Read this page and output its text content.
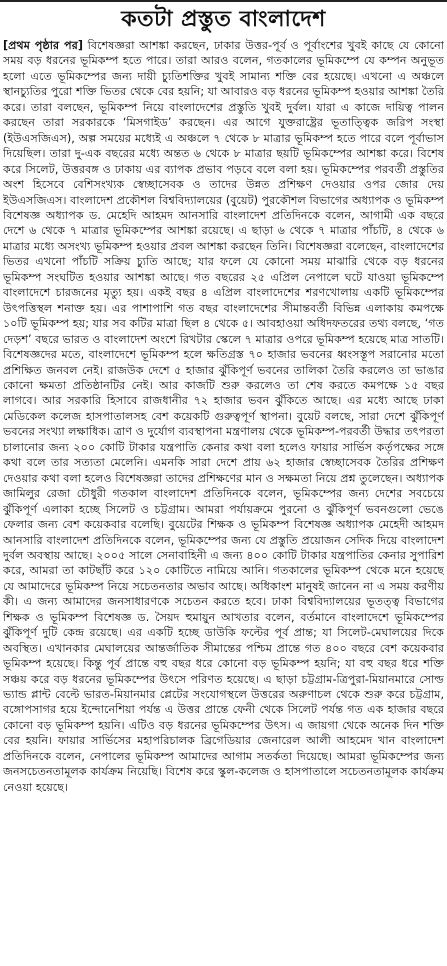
কতটা প্রস্তুত বাংলাদেশ

[প্রথম পৃষ্ঠার পর] বিশেষজ্ঞরা আশঙ্কা করছেন, ঢাকার উত্তর-পূর্ব ও পূর্বাংশের খুবই কাছে যে কোনো সময় বড় ধরনের ভূমিকম্প হতে পারে। তারা আরও বলেন, গতকালের ভূমিকম্পে যে কম্পন অনুভূত হলো এতে ভূমিকম্পের জন্য দায়ী চ্যুতিশক্তির খুবই সামান্য শক্তি বের হয়েছে। এখনো এ অঞ্চলে স্থানচ্যুতির পুরো শক্তি ভিতর থেকে বের হয়নি; যা আবারও বড় ধরনের ভূমিকম্প হওয়ার আশঙ্কা তৈরি করে। তারা বলছেন, ভূমিকম্প নিয়ে বাংলাদেশের প্রস্তুতি খুবই দুর্বল। যারা এ কাজে দায়িত্ব পালন করছেন তারা সরকারকে ‘মিসগাইড’ করছেন। এর আগে যুক্তরাষ্ট্রের ভূতাত্ত্বিক জরিপ সংস্থা (ইউএসজিএস), অল্প সময়ের মধ্যেই এ অঞ্চলে ৭ থেকে ৮ মাত্রার ভূমিকম্প হতে পারে বলে পূর্বাভাস দিয়েছিল। তারা দু-এক বছরের মধ্যে অন্তত ৬ থেকে ৮ মাত্রার ছয়টি ভূমিকম্পের আশঙ্কা করে। বিশেষ করে সিলেট, উত্তরবঙ্গ ও ঢাকায় এর ব্যাপক প্রভাব পড়বে বলে বলা হয়। ভূমিকম্পের পরবর্তী প্রস্তুতির অংশ হিসেবে বেশিসংখ্যক স্বেচ্ছাসেবক ও তাদের উন্নত প্রশিক্ষণ দেওয়ার ওপর জোর দেয় ইউএসজিএস। বাংলাদেশ প্রকৌশল বিশ্ববিদ্যালয়ের (বুয়েট) পুরকৌশল বিভাগের অধ্যাপক ও ভূমিকম্প বিশেষজ্ঞ অধ্যাপক ড. মেহেদি আহমদ আনসারি বাংলাদেশ প্রতিদিনকে বলেন, আগামী এক বছরে দেশে ৬ থেকে ৭ মাত্রার ভূমিকম্পের আশঙ্কা রয়েছে। এ ছাড়া ৬ থেকে ৭ মাত্রার পাঁচটি, ৪ থেকে ৬ মাত্রার মধ্যে অসংখ্য ভূমিকম্প হওয়ার প্রবল আশঙ্কা করছেন তিনি। বিশেষজ্ঞরা বলেছেন, বাংলাদেশের ভিতর এখনো পাঁচটি সক্রিয় চ্যুতি আছে; যার ফলে যে কোনো সময় মাঝারি থেকে বড় ধরনের ভূমিকম্প সংঘটিত হওয়ার আশঙ্কা আছে। গত বছরের ২৫ এপ্রিল নেপালে ঘটে যাওয়া ভূমিকম্পে বাংলাদেশে চারজনের মৃত্যু হয়। একই বছর ৪ এপ্রিল বাংলাদেশের শরণখোলায় একটি ভূমিকম্পের উৎপত্তিস্থল শনাক্ত হয়। এর পাশাপাশি গত বছর বাংলাদেশের সীমান্তবর্তী বিভিন্ন এলাকায় কমপক্ষে ১০টি ভূমিকম্প হয়; যার সব কটির মাত্রা ছিল ৪ থেকে ৫। আবহাওয়া অধিদফতরের তথ্য বলছে, ‘গত দেড়শ’ বছরে ভারত ও বাংলাদেশ অংশে রিখটার স্কেলে ৭ মাত্রার ওপরে ভূমিকম্প হয়েছে মাত্র সাতটি। বিশেষজ্ঞদের মতে, বাংলাদেশে ভূমিকম্প হলে ক্ষতিগ্রস্ত ৭০ হাজার ভবনের ধ্বংসস্তূপ সরানোর মতো প্রশিক্ষিত জনবল নেই। রাজউক দেশে ৫ হাজার ঝুঁকিপূর্ণ ভবনের তালিকা তৈরি করলেও তা ভাঙার কোনো ক্ষমতা প্রতিষ্ঠানটির নেই। আর কাজটি শুরু করলেও তা শেষ করতে কমপক্ষে ১৫ বছর লাগবে। আর সরকারি হিসাবে রাজধানীর ৭২ হাজার ভবন ঝুঁকিতে আছে। এর মধ্যে আছে ঢাকা মেডিকেল কলেজ হাসপাতালসহ বেশ কয়েকটি গুরুত্বপূর্ণ স্থাপনা। বুয়েট বলছে, সারা দেশে ঝুঁকিপূর্ণ ভবনের সংখ্যা লক্ষাধিক। ত্রাণ ও দুর্যোগ ব্যবস্থাপনা মন্ত্রণালয় থেকে ভূমিকম্প-পরবর্তী উদ্ধার তৎপরতা চালানোর জন্য ২০০ কোটি টাকার যন্ত্রপাতি কেনার কথা বলা হলেও ফায়ার সার্ভিস কর্তৃপক্ষের সঙ্গে কথা বলে তার সত্যতা মেলেনি। এমনকি সারা দেশে প্রায় ৬২ হাজার স্বেচ্ছাসেবক তৈরির প্রশিক্ষণ দেওয়ার কথা বলা হলেও বিশেষজ্ঞরা তাদের প্রশিক্ষণের মান ও সক্ষমতা নিয়ে প্রশ্ন তুলেছেন। অধ্যাপক জামিলুর রেজা চৌধুরী গতকাল বাংলাদেশ প্রতিদিনকে বলেন, ভূমিকম্পের জন্য দেশের সবচেয়ে ঝুঁকিপূর্ণ এলাকা হচ্ছে সিলেট ও চট্টগ্রাম। আমরা পর্যায়ক্রমে পুরনো ও ঝুঁকিপূর্ণ ভবনগুলো ভেঙে ফেলার জন্য বেশ কয়েকবার বলেছি। বুয়েটের শিক্ষক ও ভূমিকম্প বিশেষজ্ঞ অধ্যাপক মেহেদী আহমদ আনসারি বাংলাদেশ প্রতিদিনকে বলেন, ভূমিকম্পের জন্য যে প্রস্তুতি প্রয়োজন সেদিক দিয়ে বাংলাদেশ দুর্বল অবস্থায় আছে। ২০০৫ সালে সেনাবাহিনী এ জন্য ৪০০ কোটি টাকার যন্ত্রপাতির কেনার সুপারিশ করে, আমরা তা কাটছাঁট করে ১২০ কোটিতে নামিয়ে আনি। গতকালের ভূমিকম্প থেকে মনে হয়েছে যে আমাদেরে ভূমিকম্প নিয়ে সচেতনতার অভাব আছে। অধিকাংশ মানুষই জানেন না এ সময় করণীয় কী। এ জন্য আমাদের জনসাধারণকে সচেতন করতে হবে। ঢাকা বিশ্ববিদ্যালয়ের ভূতত্ত্ব বিভাগের শিক্ষক ও ভূমিকম্প বিশেষজ্ঞ ড. সৈয়দ হুমায়ুন আখতার বলেন, বর্তমানে বাংলাদেশে ভূমিকম্পের ঝুঁকিপূর্ণ দুটি কেন্দ্র রয়েছে। এর একটি হচ্ছে ডাউকি ফল্টের পূর্ব প্রান্ত; যা সিলেট-মেঘালয়ের দিকে অবস্থিত। এখানকার মেঘালয়ের আন্তর্জাতিক সীমান্তের পশ্চিম প্রান্তে গত ৪০০ বছরে বেশ কয়েকবার ভূমিকম্প হয়েছে। কিন্তু পূর্ব প্রান্তে বহু বছর ধরে কোনো বড় ভূমিকম্প হয়নি; যা বহু বছর ধরে শক্তি সঞ্চয় করে বড় ধরনের ভূমিকম্পের উৎসে পরিণত হয়েছে। এ ছাড়া চট্টগ্রাম-ত্রিপুরা-মিয়ানমারে সোল্ড ভ্যান্ড প্লান্ট বেল্টে ভারত-মিয়ানমার প্লেটের সংযোগস্থলে উত্তরের অরুণাচল থেকে শুরু করে চট্টগ্রাম, বঙ্গোপসাগর হয়ে ইন্দোনেশিয়া পর্যন্ত এ উত্তর প্রান্তে ফেনী থেকে সিলেট পর্যন্ত গত এক হাজার বছরে কোনো বড় ভূমিকম্প হয়নি। এটিও বড় ধরনের ভূমিকম্পের উৎস। এ জায়গা থেকে অনেক দিন শক্তি বের হয়নি। ফায়ার সার্ভিসের মহাপরিচালক ব্রিগেডিয়ার জেনারেল আলী আহমেদ খান বাংলাদেশ প্রতিদিনকে বলেন, নেপালের ভূমিকম্প আমাদের আগাম সতর্কতা দিয়েছে। আমরা ভূমিকম্পের জন্য জনসচেতনতামূলক কার্যক্রম নিয়েছি। বিশেষ করে স্কুল-কলেজ ও হাসপাতালে সচেতনতামূলক কার্যক্রম নেওয়া হয়েছে।
